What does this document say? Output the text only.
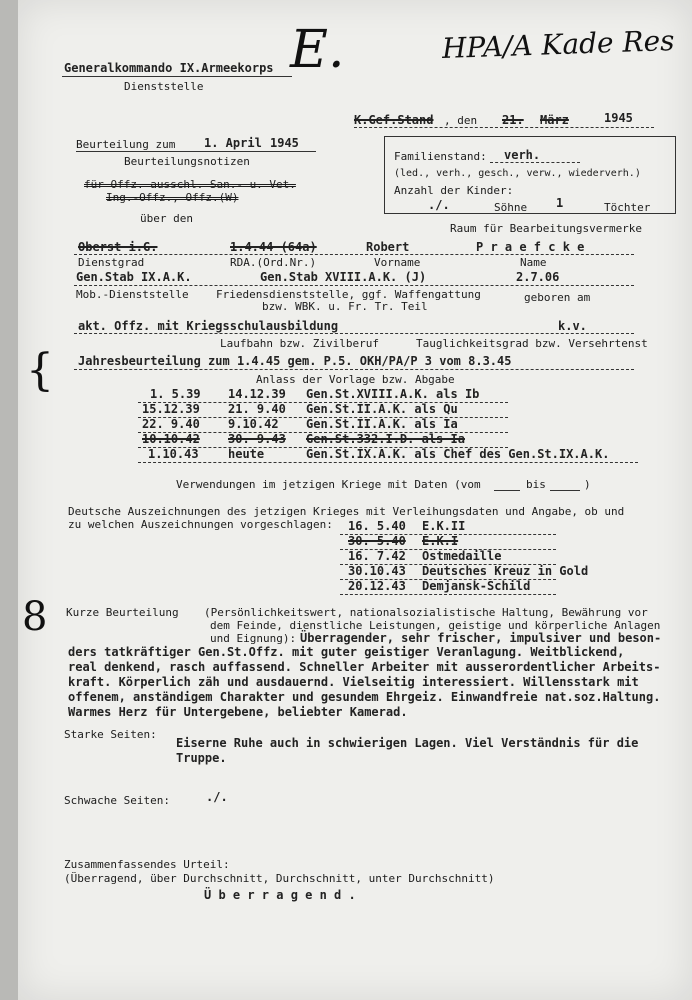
E.	HPA/A Kade Res
Generalkommando IX.Armeekorps
Dienststelle
K.Gef.Stand , den 21. März	1945
Beurteilung zum 1. April 1945
Beurteilungsnotizen
für Offz. ausschl. San.- u. Vet.
Ing.-Offz., Offz.(W)
über den
Familienstand: verh.
(led., verh., gesch., verw., wiederverh.)
Anzahl der Kinder:
./.	Söhne 1	Töchter
Raum für Bearbeitungsvermerke
Oberst i.G.	1.4.44 (64a)	Robert	P r a e f c k e
Dienstgrad	RDA.(Ord.Nr.)	Vorname	Name
Gen.Stab IX.A.K.	Gen.Stab XVIII.A.K. (J)	2.7.06
Mob.-Dienststelle Friedensdienststelle, ggf. Waffengattung
bzw. WBK. u. Fr. Tr. Teil
geboren am
akt. Offz. mit Kriegsschulausbildung	k.v.
Laufbahn bzw. Zivilberuf	Tauglichkeitsgrad bzw. Versehrtenst
Jahresbeurteilung zum 1.4.45 gem. P.5. OKH/PA/P 3 vom 8.3.45
Anlass der Vorlage bzw. Abgabe
{	1. 5.39 14.12.39 Gen.St.XVIII.A.K. als Ib
15.12.39 21. 9.40 Gen.St.II.A.K. als Qu
22. 9.40 9.10.42 Gen.St.II.A.K. als Ia
10.10.42 30. 9.43 Gen.St.332.I.D. als Ia
1.10.43 heute	Gen.St.IX.A.K. als Chef des Gen.St.IX.A.K.
Verwendungen im jetzigen Kriege mit Daten (vom	bis	)
Deutsche Auszeichnungen des jetzigen Krieges mit Verleihungsdaten und Angabe, ob und
zu welchen Auszeichnungen vorgeschlagen: 16. 5.40 E.K.II
30. 5.40 E.K.I
16. 7.42 Ostmedaille
30.10.43 Deutsches Kreuz in Gold
20.12.43 Demjansk-Schild
8 Kurze Beurteilung (Persönlichkeitswert, nationalsozialistische Haltung, Bewährung vor
dem Feinde, dienstliche Leistungen, geistige und körperliche Anlagen
und Eignung): Überragender, sehr frischer, impulsiver und beson-
ders tatkräftiger Gen.St.Offz. mit guter geistiger Veranlagung. Weitblickend,
real denkend, rasch auffassend. Schneller Arbeiter mit ausserordentlicher Arbeits-
kraft. Körperlich zäh und ausdauernd. Vielseitig interessiert. Willensstark mit
offenem, anständigem Charakter und gesundem Ehrgeiz. Einwandfreie nat.soz.Haltung.
Warmes Herz für Untergebene, beliebter Kamerad.
Starke Seiten:
Eiserne Ruhe auch in schwierigen Lagen. Viel Verständnis für die
Truppe.
Schwache Seiten:	./.
Zusammenfassendes Urteil:
(Überragend, über Durchschnitt, Durchschnitt, unter Durchschnitt)
Ü b e r r a g e n d .
